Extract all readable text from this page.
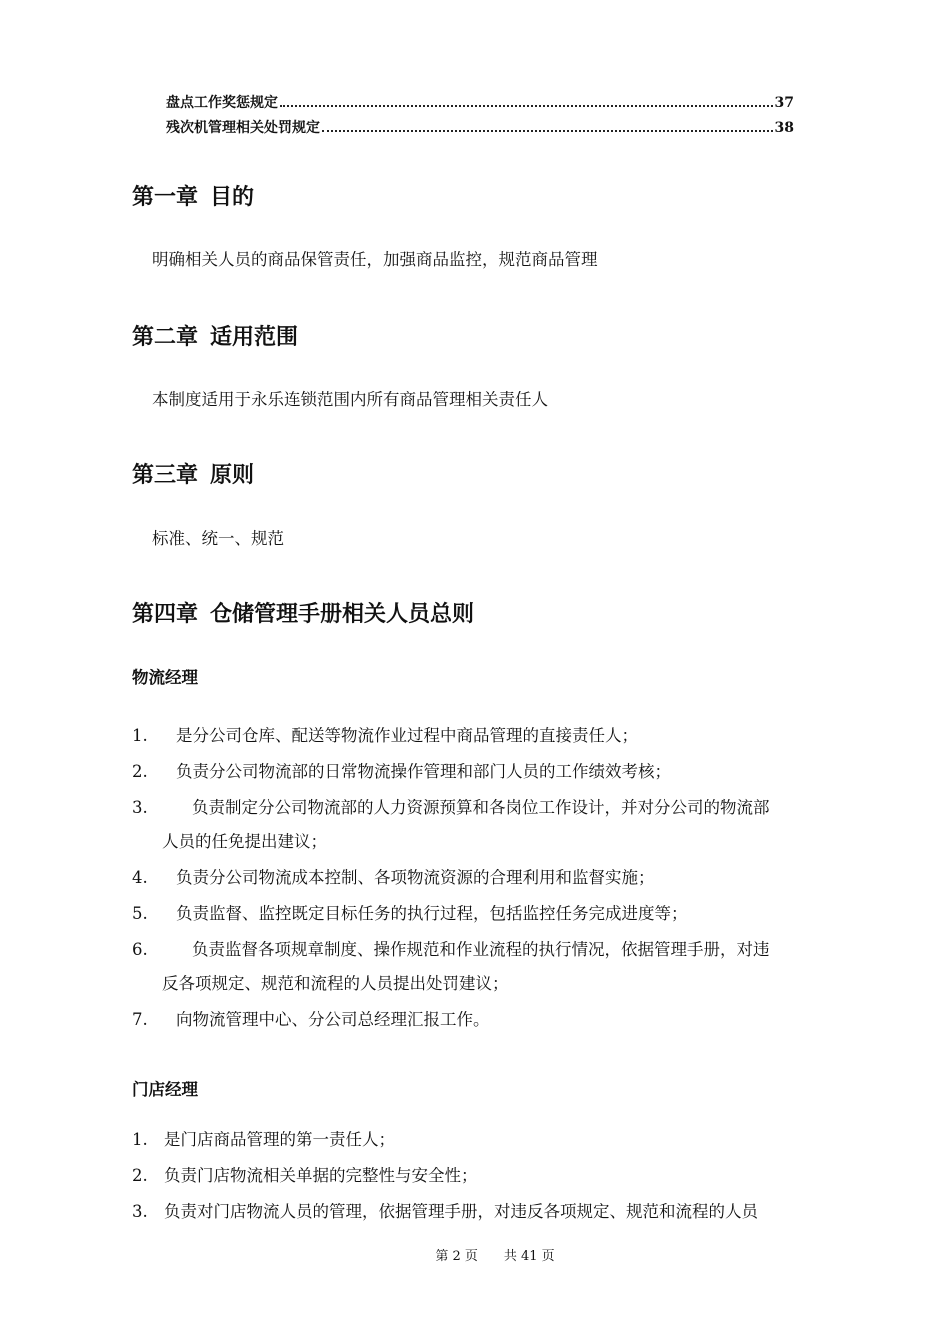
盘点工作奖惩规定	37
残次机管理相关处罚规定	38
第一章 目的

明确相关人员的商品保管责任，加强商品监控，规范商品管理

第二章 适用范围

本制度适用于永乐连锁范围内所有商品管理相关责任人

第三章 原则

标准、统一、规范

第四章 仓储管理手册相关人员总则
物流经理
1. 是分公司仓库、配送等物流作业过程中商品管理的直接责任人；
2. 负责分公司物流部的日常物流操作管理和部门人员的工作绩效考核；
3.	负责制定分公司物流部的人力资源预算和各岗位工作设计，并对分公司的物流部
人员的任免提出建议；
4. 负责分公司物流成本控制、各项物流资源的合理利用和监督实施；
5. 负责监督、监控既定目标任务的执行过程，包括监控任务完成进度等；
6.	负责监督各项规章制度、操作规范和作业流程的执行情况，依据管理手册，对违
反各项规定、规范和流程的人员提出处罚建议；
7. 向物流管理中心、分公司总经理汇报工作。
门店经理
1. 是门店商品管理的第一责任人；
2. 负责门店物流相关单据的完整性与安全性；
3. 负责对门店物流人员的管理，依据管理手册，对违反各项规定、规范和流程的人员
第 2 页 共 41 页
